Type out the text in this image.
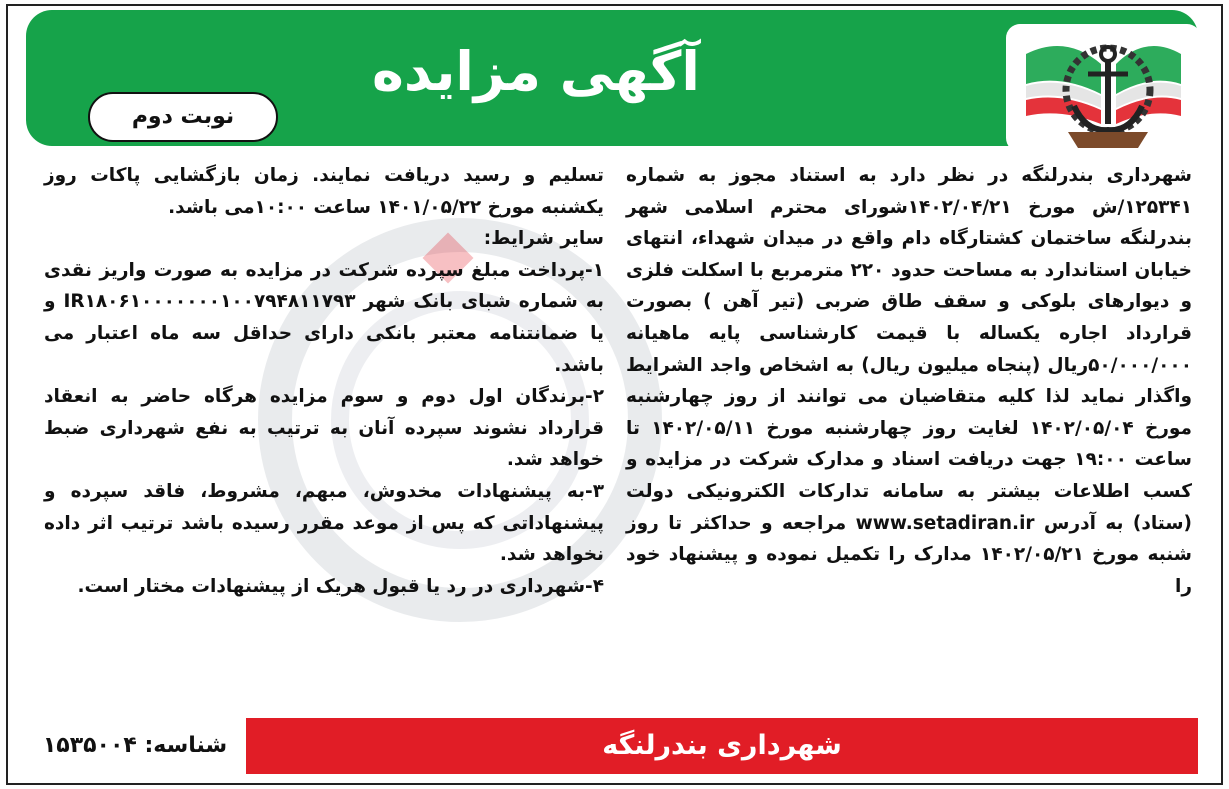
آگهی مزایده
نوبت دوم

شهرداری بندرلنگه در نظر دارد به استناد مجوز به شماره ۱۲۵۳۴۱/ش مورخ ۱۴۰۲/۰۴/۲۱شورای محترم اسلامی شهر بندرلنگه ساختمان کشتارگاه دام واقع در میدان شهداء، انتهای خیابان استاندارد به مساحت حدود ۲۲۰ مترمربع با اسکلت فلزی و دیوارهای بلوکی و سقف طاق ضربی (تیر آهن ) بصورت قرارداد اجاره یکساله با قیمت کارشناسی پایه ماهیانه ۵۰/۰۰۰/۰۰۰ریال (پنجاه میلیون ریال) به اشخاص واجد الشرایط واگذار نماید لذا کلیه متقاضیان می توانند از روز چهارشنبه مورخ ۱۴۰۲/۰۵/۰۴ لغایت روز چهارشنبه مورخ ۱۴۰۲/۰۵/۱۱ تا ساعت ۱۹:۰۰ جهت دریافت اسناد و مدارک شرکت در مزایده و کسب اطلاعات بیشتر به سامانه تدارکات الکترونیکی دولت (ستاد) به آدرس www.setadiran.ir مراجعه و حداکثر تا روز شنبه مورخ ۱۴۰۲/۰۵/۲۱ مدارک را تکمیل نموده و پیشنهاد خود را

تسلیم و رسید دریافت نمایند. زمان بازگشایی پاکات روز یکشنبه مورخ ۱۴۰۱/۰۵/۲۲ ساعت ۱۰:۰۰می باشد.

سایر شرایط:

۱-پرداخت مبلغ سپرده شرکت در مزایده به صورت واریز نقدی به شماره شبای بانک شهر IR۱۸۰۶۱۰۰۰۰۰۰۰۱۰۰۷۹۴۸۱۱۷۹۳ و یا ضمانتنامه معتبر بانکی دارای حداقل سه ماه اعتبار می باشد.

۲-برندگان اول دوم و سوم مزایده هرگاه حاضر به انعقاد قرارداد نشوند سپرده آنان به ترتیب به نفع شهرداری ضبط خواهد شد.

۳-به پیشنهادات مخدوش، مبهم، مشروط، فاقد سپرده و پیشنهاداتی که پس از موعد مقرر رسیده باشد ترتیب اثر داده نخواهد شد.

۴-شهرداری در رد یا قبول هریک از پیشنهادات مختار است.

شهرداری بندرلنگه
شناسه: ۱۵۳۵۰۰۴
